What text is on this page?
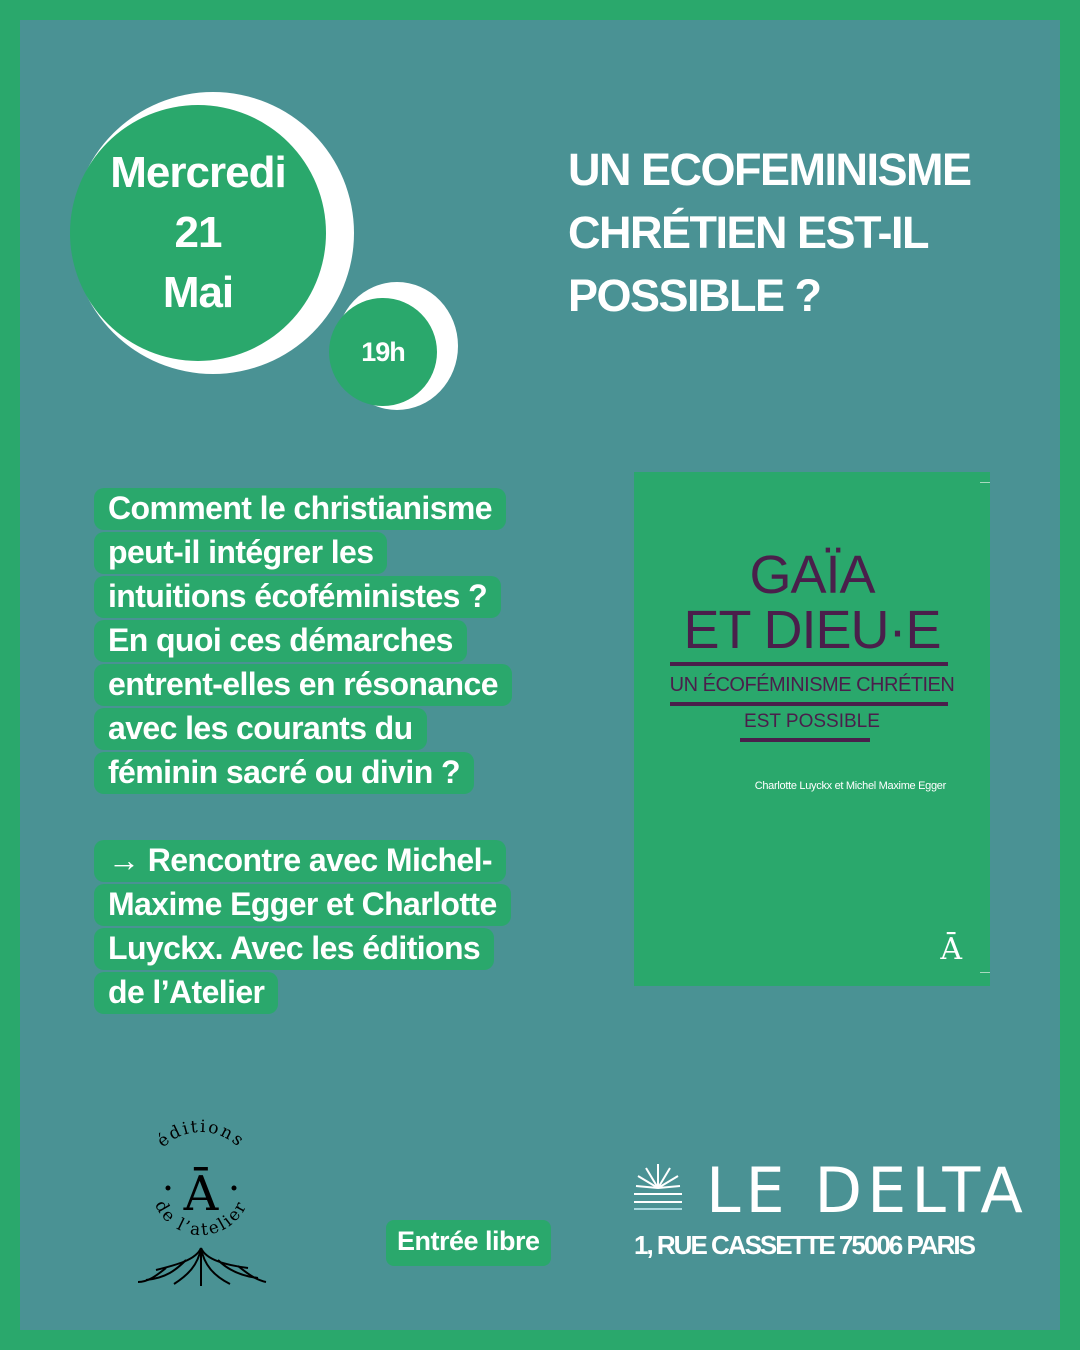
Mercredi
21
Mai
19h
UN ECOFEMINISME CHRÉTIEN EST-IL POSSIBLE ?
Comment le christianisme
peut-il intégrer les
intuitions écoféministes ?
En quoi ces démarches
entrent-elles en résonance
avec les courants du
féminin sacré ou divin ?
→ Rencontre avec Michel-
Maxime Egger et Charlotte
Luyckx. Avec les éditions
de l’Atelier
GAÏA
ET DIEU·E
UN ÉCOFÉMINISME CHRÉTIEN
EST POSSIBLE
Charlotte Luyckx et Michel Maxime Egger
Ā
éditions
de l’atelier
Ā
Entrée libre
LE DELTA
1, RUE CASSETTE 75006 PARIS
